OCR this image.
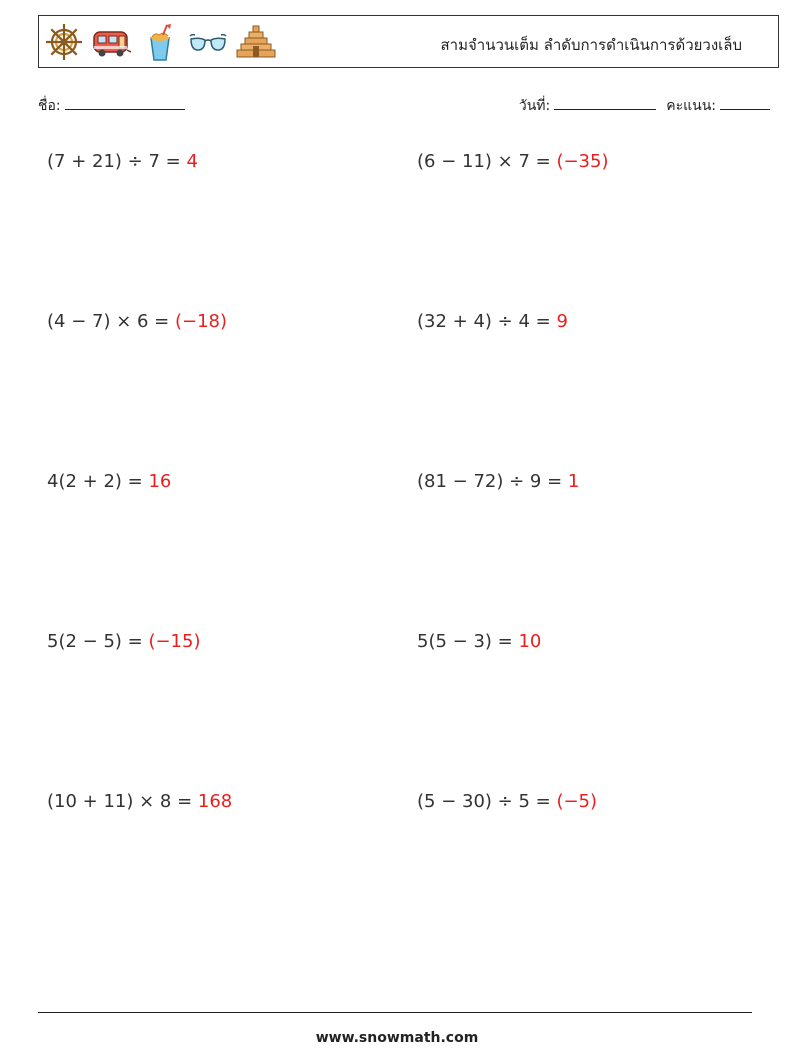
สามจำนวนเต็ม ลำดับการดำเนินการด้วยวงเล็บ
ชื่อ:	วันที่:	คะแนน:
(7 + 21) ÷ 7 = 4	(6 − 11) × 7 = (−35)
(4 − 7) × 6 = (−18)	(32 + 4) ÷ 4 = 9
4(2 + 2) = 16	(81 − 72) ÷ 9 = 1
5(2 − 5) = (−15)	5(5 − 3) = 10
(10 + 11) × 8 = 168	(5 − 30) ÷ 5 = (−5)
www.snowmath.com
